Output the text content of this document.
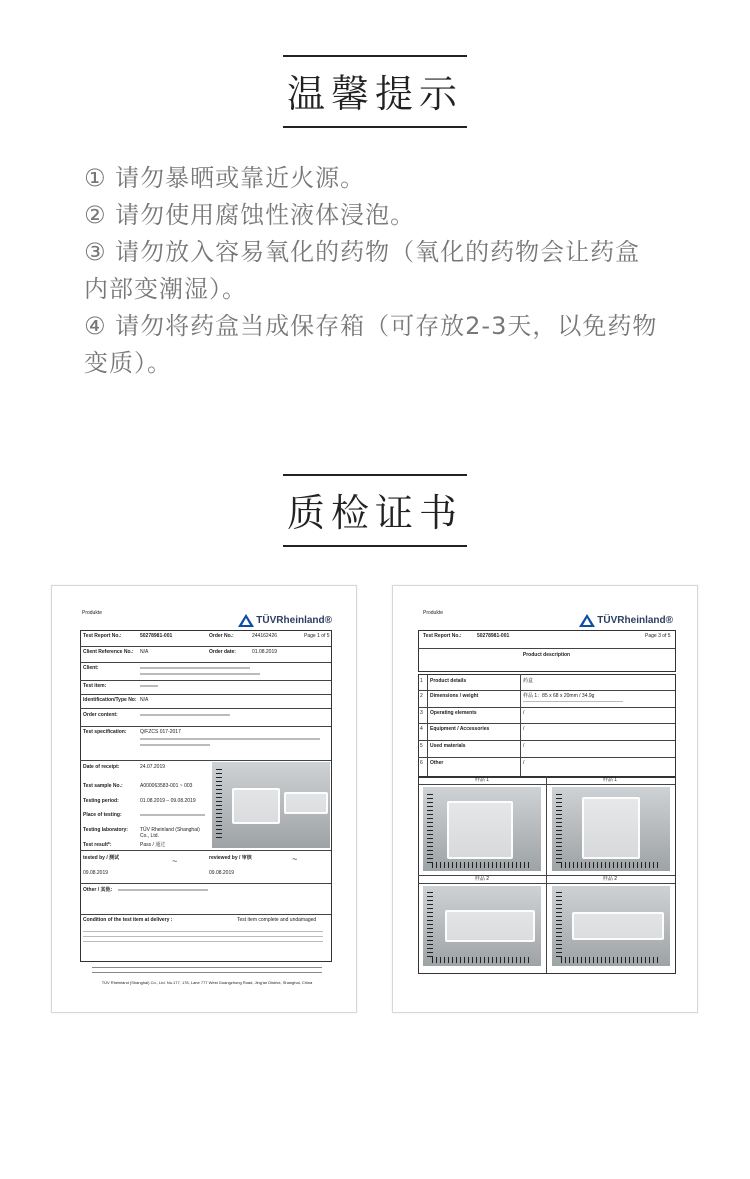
温馨提示

① 请勿暴晒或靠近火源。

② 请勿使用腐蚀性液体浸泡。

③ 请勿放入容易氧化的药物（氧化的药物会让药盒

内部变潮湿）。

④ 请勿将药盒当成保存箱（可存放2-3天，以免药物

变质）。

质检证书
Produkte
TÜVRheinland®
Test Report No.:	50278981-001	Order No.:	244162426	Page 1 of 5
Client Reference No.: N/A	Order date:	01.08.2019
Client:
Test item:
Identification/Type No: N/A
Order content:
Test specification:	Q/FZCS 017-2017
Date of receipt:	24.07.2019
Test sample No.:	A000063583-001 ~ 003
Testing period:	01.08.2019 – 09.08.2019
Place of testing:
Testing laboratory: TÜV Rheinland (Shanghai) Co., Ltd.
Test result*:	Pass / 通过
tested by / 测试	reviewed by / 审核
~	~
09.08.2019	09.08.2019
Other / 其他:
Condition of the test item at delivery :	Test item complete and undamaged
TÜV Rheinland (Shanghai) Co., Ltd. No.177, 178, Lane 777 West Guangzhong Road, Jing'an District, Shanghai, China
Produkte
TÜVRheinland®
Test Report No.:	50278981-001	Page 3 of 5
Product description
1 Product details	药盒
2 Dimensions / weight	样品 1：85 x 68 x 20mm / 34.9g
3 Operating elements	/
4 Equipment / Accessories	/
5 Used materials	/
6 Other	/
样品 1	样品 1
样品 2	样品 2
